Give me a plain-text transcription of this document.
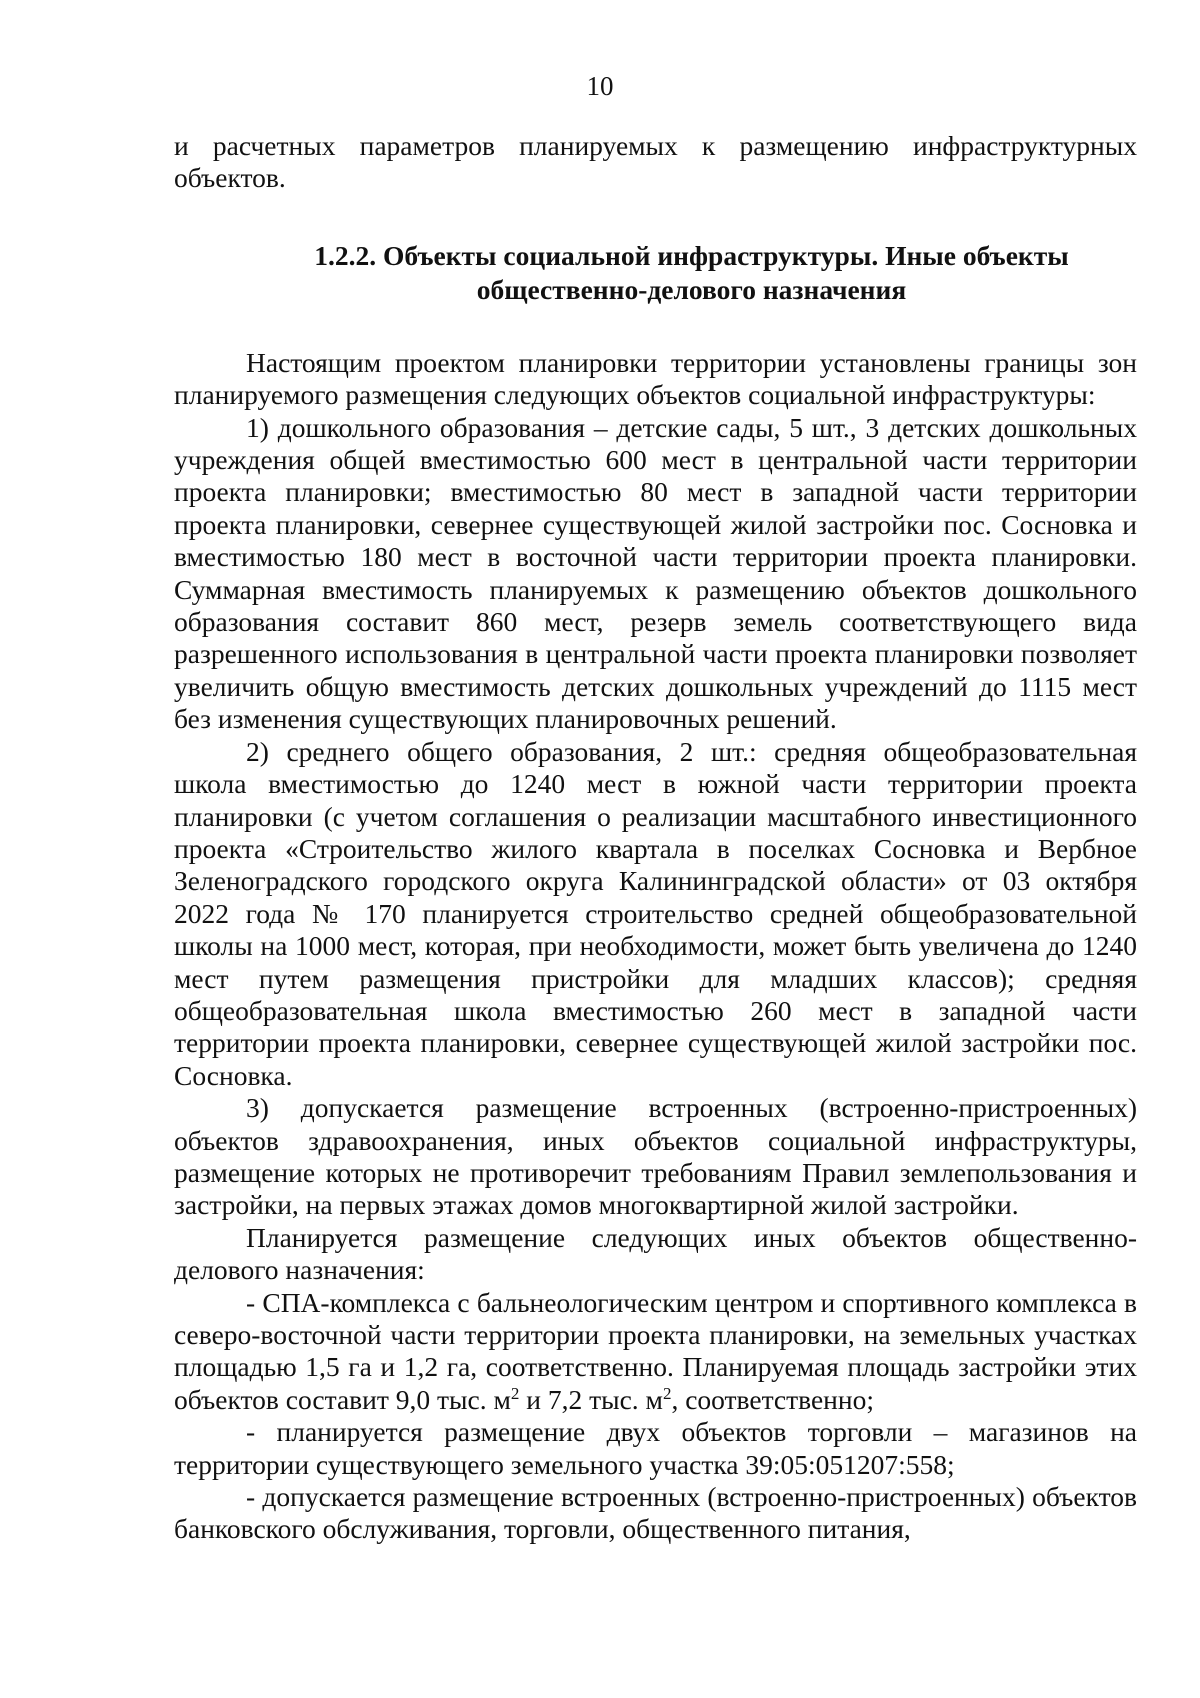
10

и расчетных параметров планируемых к размещению инфраструктурных объектов.

1.2.2. Объекты социальной инфраструктуры. Иные объекты
общественно-делового назначения

Настоящим проектом планировки территории установлены границы зон планируемого размещения следующих объектов социальной инфраструктуры:

1) дошкольного образования – детские сады, 5 шт., 3 детских дошкольных учреждения общей вместимостью 600 мест в центральной части территории проекта планировки; вместимостью 80 мест в западной части территории проекта планировки, севернее существующей жилой застройки пос. Сосновка и вместимостью 180 мест в восточной части территории проекта планировки. Суммарная вместимость планируемых к размещению объектов дошкольного образования составит 860 мест, резерв земель соответствующего вида разрешенного использования в центральной части проекта планировки позволяет увеличить общую вместимость детских дошкольных учреждений до 1115 мест без изменения существующих планировочных решений.

2) среднего общего образования, 2 шт.: средняя общеобразовательная школа вместимостью до 1240 мест в южной части территории проекта планировки (с учетом соглашения о реализации масштабного инвестиционного проекта «Строительство жилого квартала в поселках Сосновка и Вербное Зеленоградского городского округа Калининградской области» от 03 октября 2022 года № 170 планируется строительство средней общеобразовательной школы на 1000 мест, которая, при необходимости, может быть увеличена до 1240 мест путем размещения пристройки для младших классов); средняя общеобразовательная школа вместимостью 260 мест в западной части территории проекта планировки, севернее существующей жилой застройки пос. Сосновка.

3) допускается размещение встроенных (встроенно-пристроенных) объектов здравоохранения, иных объектов социальной инфраструктуры, размещение которых не противоречит требованиям Правил землепользования и застройки, на первых этажах домов многоквартирной жилой застройки.

Планируется размещение следующих иных объектов общественно-делового назначения:

- СПА-комплекса с бальнеологическим центром и спортивного комплекса в северо-восточной части территории проекта планировки, на земельных участках площадью 1,5 га и 1,2 га, соответственно. Планируемая площадь застройки этих объектов составит 9,0 тыс. $м^2$ и 7,2 тыс. $м^2$, соответственно;

- планируется размещение двух объектов торговли – магазинов на территории существующего земельного участка 39:05:051207:558;

- допускается размещение встроенных (встроенно-пристроенных) объектов банковского обслуживания, торговли, общественного питания,
